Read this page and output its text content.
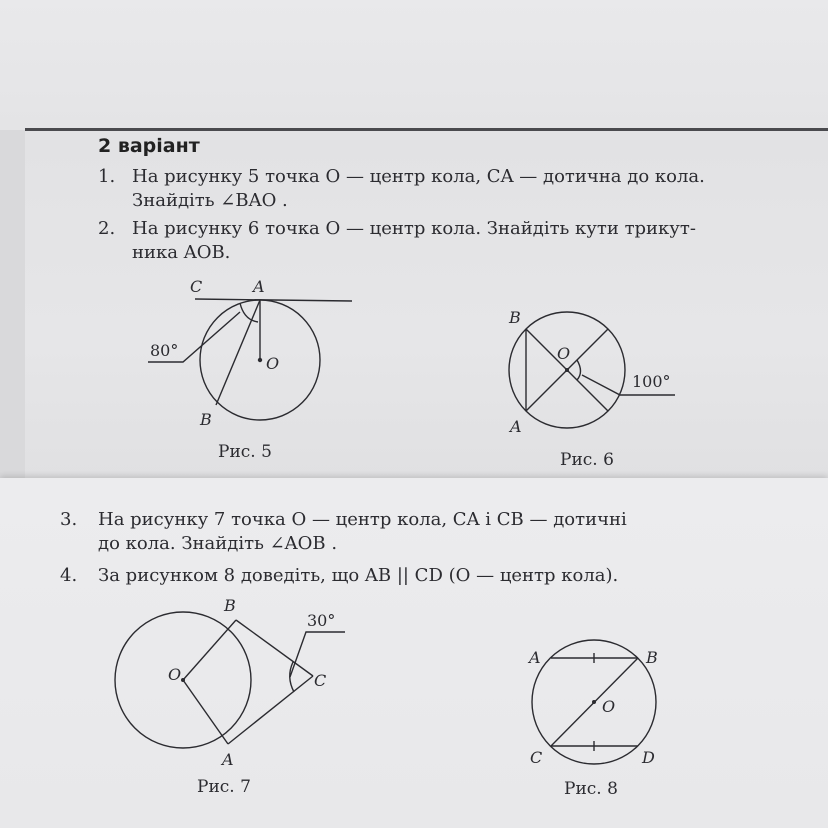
2 варіант
1. На рисунку 5 точка O — центр кола, CA — дотична до кола.
Знайдіть ∠BAO .
2. На рисунку 6 точка O — центр кола. Знайдіть кути трикут-
ника AOB.
C	A
O
B
80°
Рис. 5
B
O
A
100°
Рис. 6
3. На рисунку 7 точка O — центр кола, CA і CB — дотичні
до кола. Знайдіть ∠AOB .
4. За рисунком 8 доведіть, що AB || CD (O — центр кола).
B
O	C
A
30°
Рис. 7
A	B
O
C	D
Рис. 8
